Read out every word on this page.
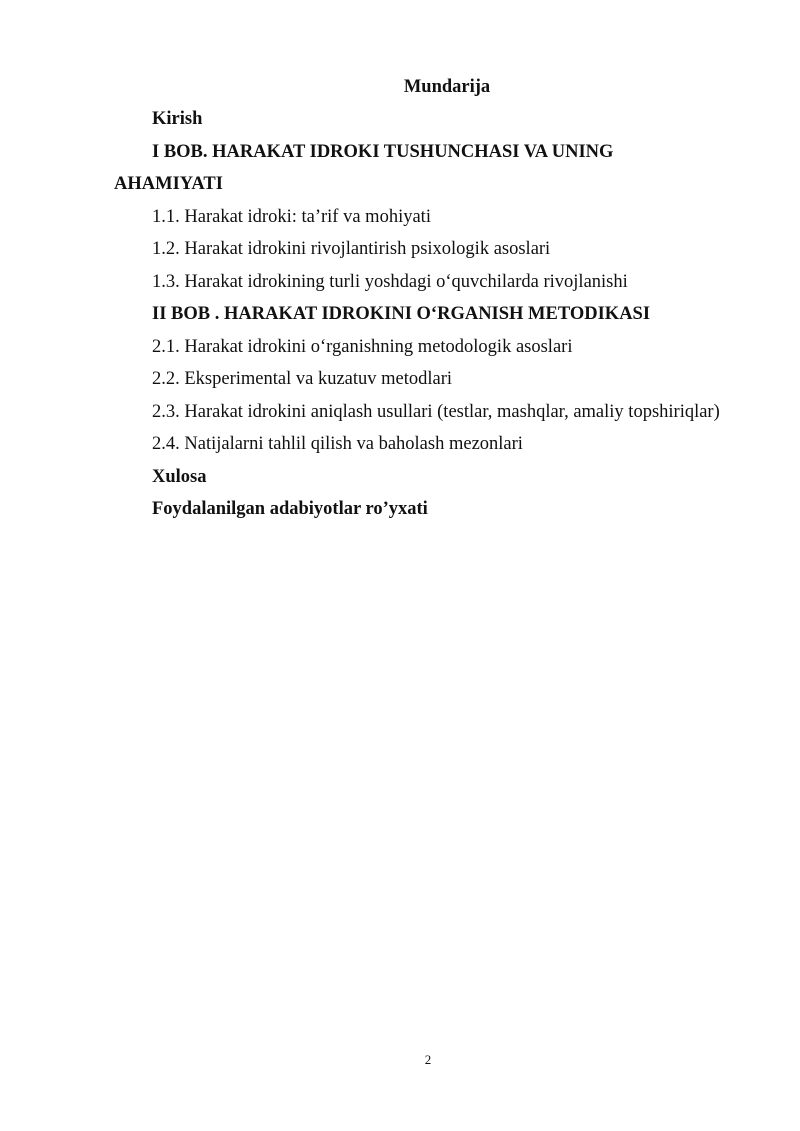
Mundarija
Kirish
I BOB. HARAKAT IDROKI TUSHUNCHASI VA UNING
AHAMIYATI
1.1. Harakat idroki: ta’rif va mohiyati
1.2. Harakat idrokini rivojlantirish psixologik asoslari
1.3. Harakat idrokining turli yoshdagi o‘quvchilarda rivojlanishi
II BOB . HARAKAT IDROKINI O‘RGANISH METODIKASI
2.1. Harakat idrokini o‘rganishning metodologik asoslari
2.2. Eksperimental va kuzatuv metodlari
2.3. Harakat idrokini aniqlash usullari (testlar, mashqlar, amaliy topshiriqlar)
2.4. Natijalarni tahlil qilish va baholash mezonlari
Xulosa
Foydalanilgan adabiyotlar ro’yxati
2
